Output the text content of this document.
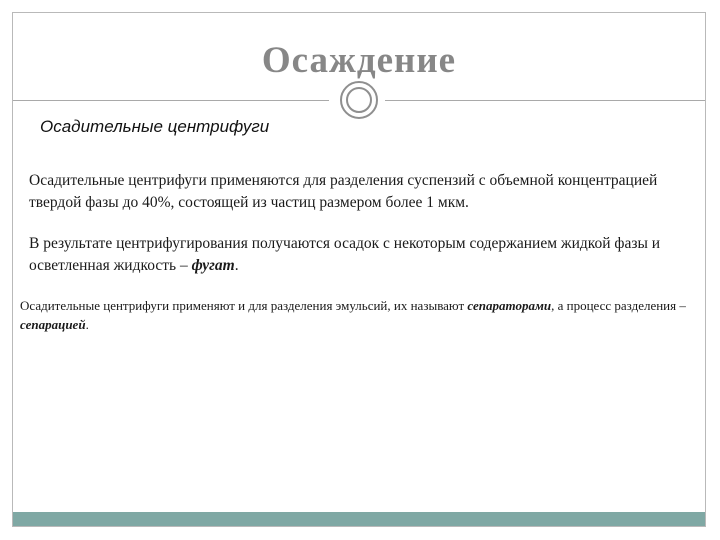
Осаждение
Осадительные центрифуги

Осадительные центрифуги применяются для разделения суспензий с объемной концентрацией твердой фазы до 40%, состоящей из частиц размером более 1 мкм.

В результате центрифугирования получаются осадок с некоторым содержанием жидкой фазы и осветленная жидкость – фугат.

Осадительные центрифуги применяют и для разделения эмульсий, их называют сепараторами, а процесс разделения – сепарацией.
